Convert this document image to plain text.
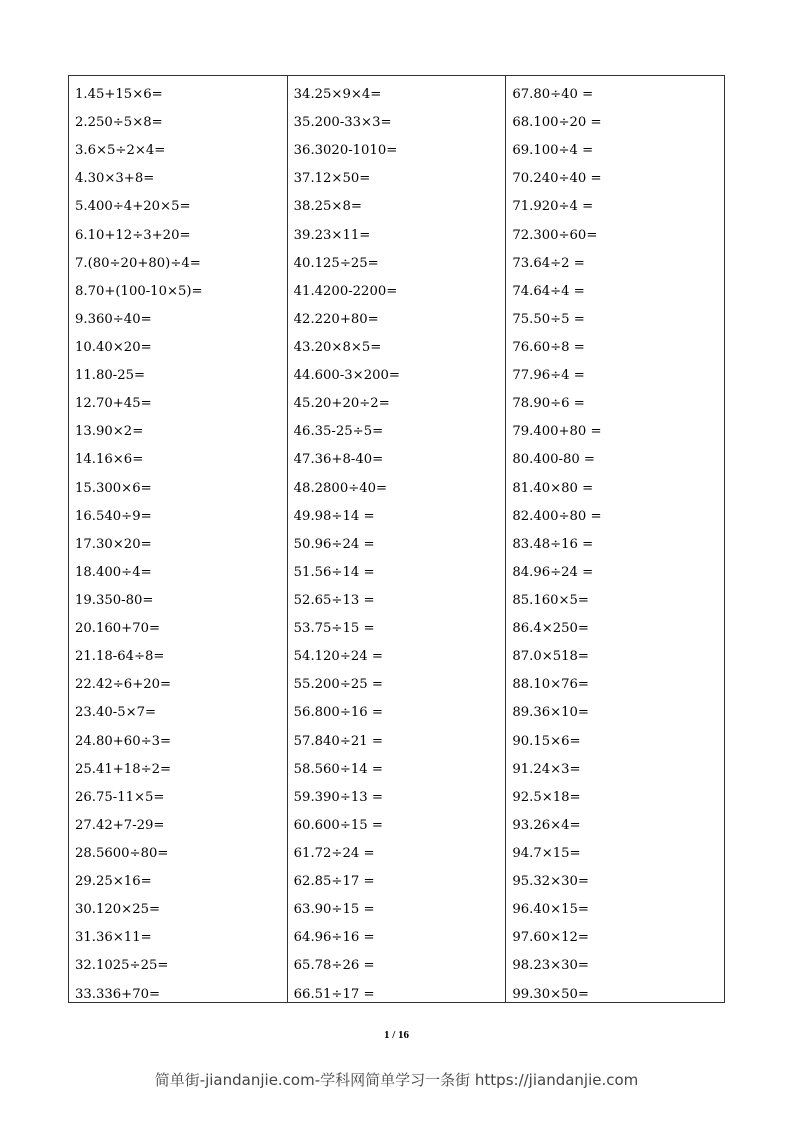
1.45+15×6=
2.250÷5×8=
3.6×5÷2×4=
4.30×3+8=
5.400÷4+20×5=
6.10+12÷3+20=
7.(80÷20+80)÷4=
8.70+(100-10×5)=
9.360÷40=
10.40×20=
11.80-25=
12.70+45=
13.90×2=
14.16×6=
15.300×6=
16.540÷9=
17.30×20=
18.400÷4=
19.350-80=
20.160+70=
21.18-64÷8=
22.42÷6+20=
23.40-5×7=
24.80+60÷3=
25.41+18÷2=
26.75-11×5=
27.42+7-29=
28.5600÷80=
29.25×16=
30.120×25=
31.36×11=
32.1025÷25=
33.336+70=
34.25×9×4=
35.200-33×3=
36.3020-1010=
37.12×50=
38.25×8=
39.23×11=
40.125÷25=
41.4200-2200=
42.220+80=
43.20×8×5=
44.600-3×200=
45.20+20÷2=
46.35-25÷5=
47.36+8-40=
48.2800÷40=
49.98÷14 =
50.96÷24 =
51.56÷14 =
52.65÷13 =
53.75÷15 =
54.120÷24 =
55.200÷25 =
56.800÷16 =
57.840÷21 =
58.560÷14 =
59.390÷13 =
60.600÷15 =
61.72÷24 =
62.85÷17 =
63.90÷15 =
64.96÷16 =
65.78÷26 =
66.51÷17 =
67.80÷40 =
68.100÷20 =
69.100÷4 =
70.240÷40 =
71.920÷4 =
72.300÷60=
73.64÷2 =
74.64÷4 =
75.50÷5 =
76.60÷8 =
77.96÷4 =
78.90÷6 =
79.400+80 =
80.400-80 =
81.40×80 =
82.400÷80 =
83.48÷16 =
84.96÷24 =
85.160×5=
86.4×250=
87.0×518=
88.10×76=
89.36×10=
90.15×6=
91.24×3=
92.5×18=
93.26×4=
94.7×15=
95.32×30=
96.40×15=
97.60×12=
98.23×30=
99.30×50=
1 / 16
简单街-jiandanjie.com-学科网简单学习一条街 https://jiandanjie.com
